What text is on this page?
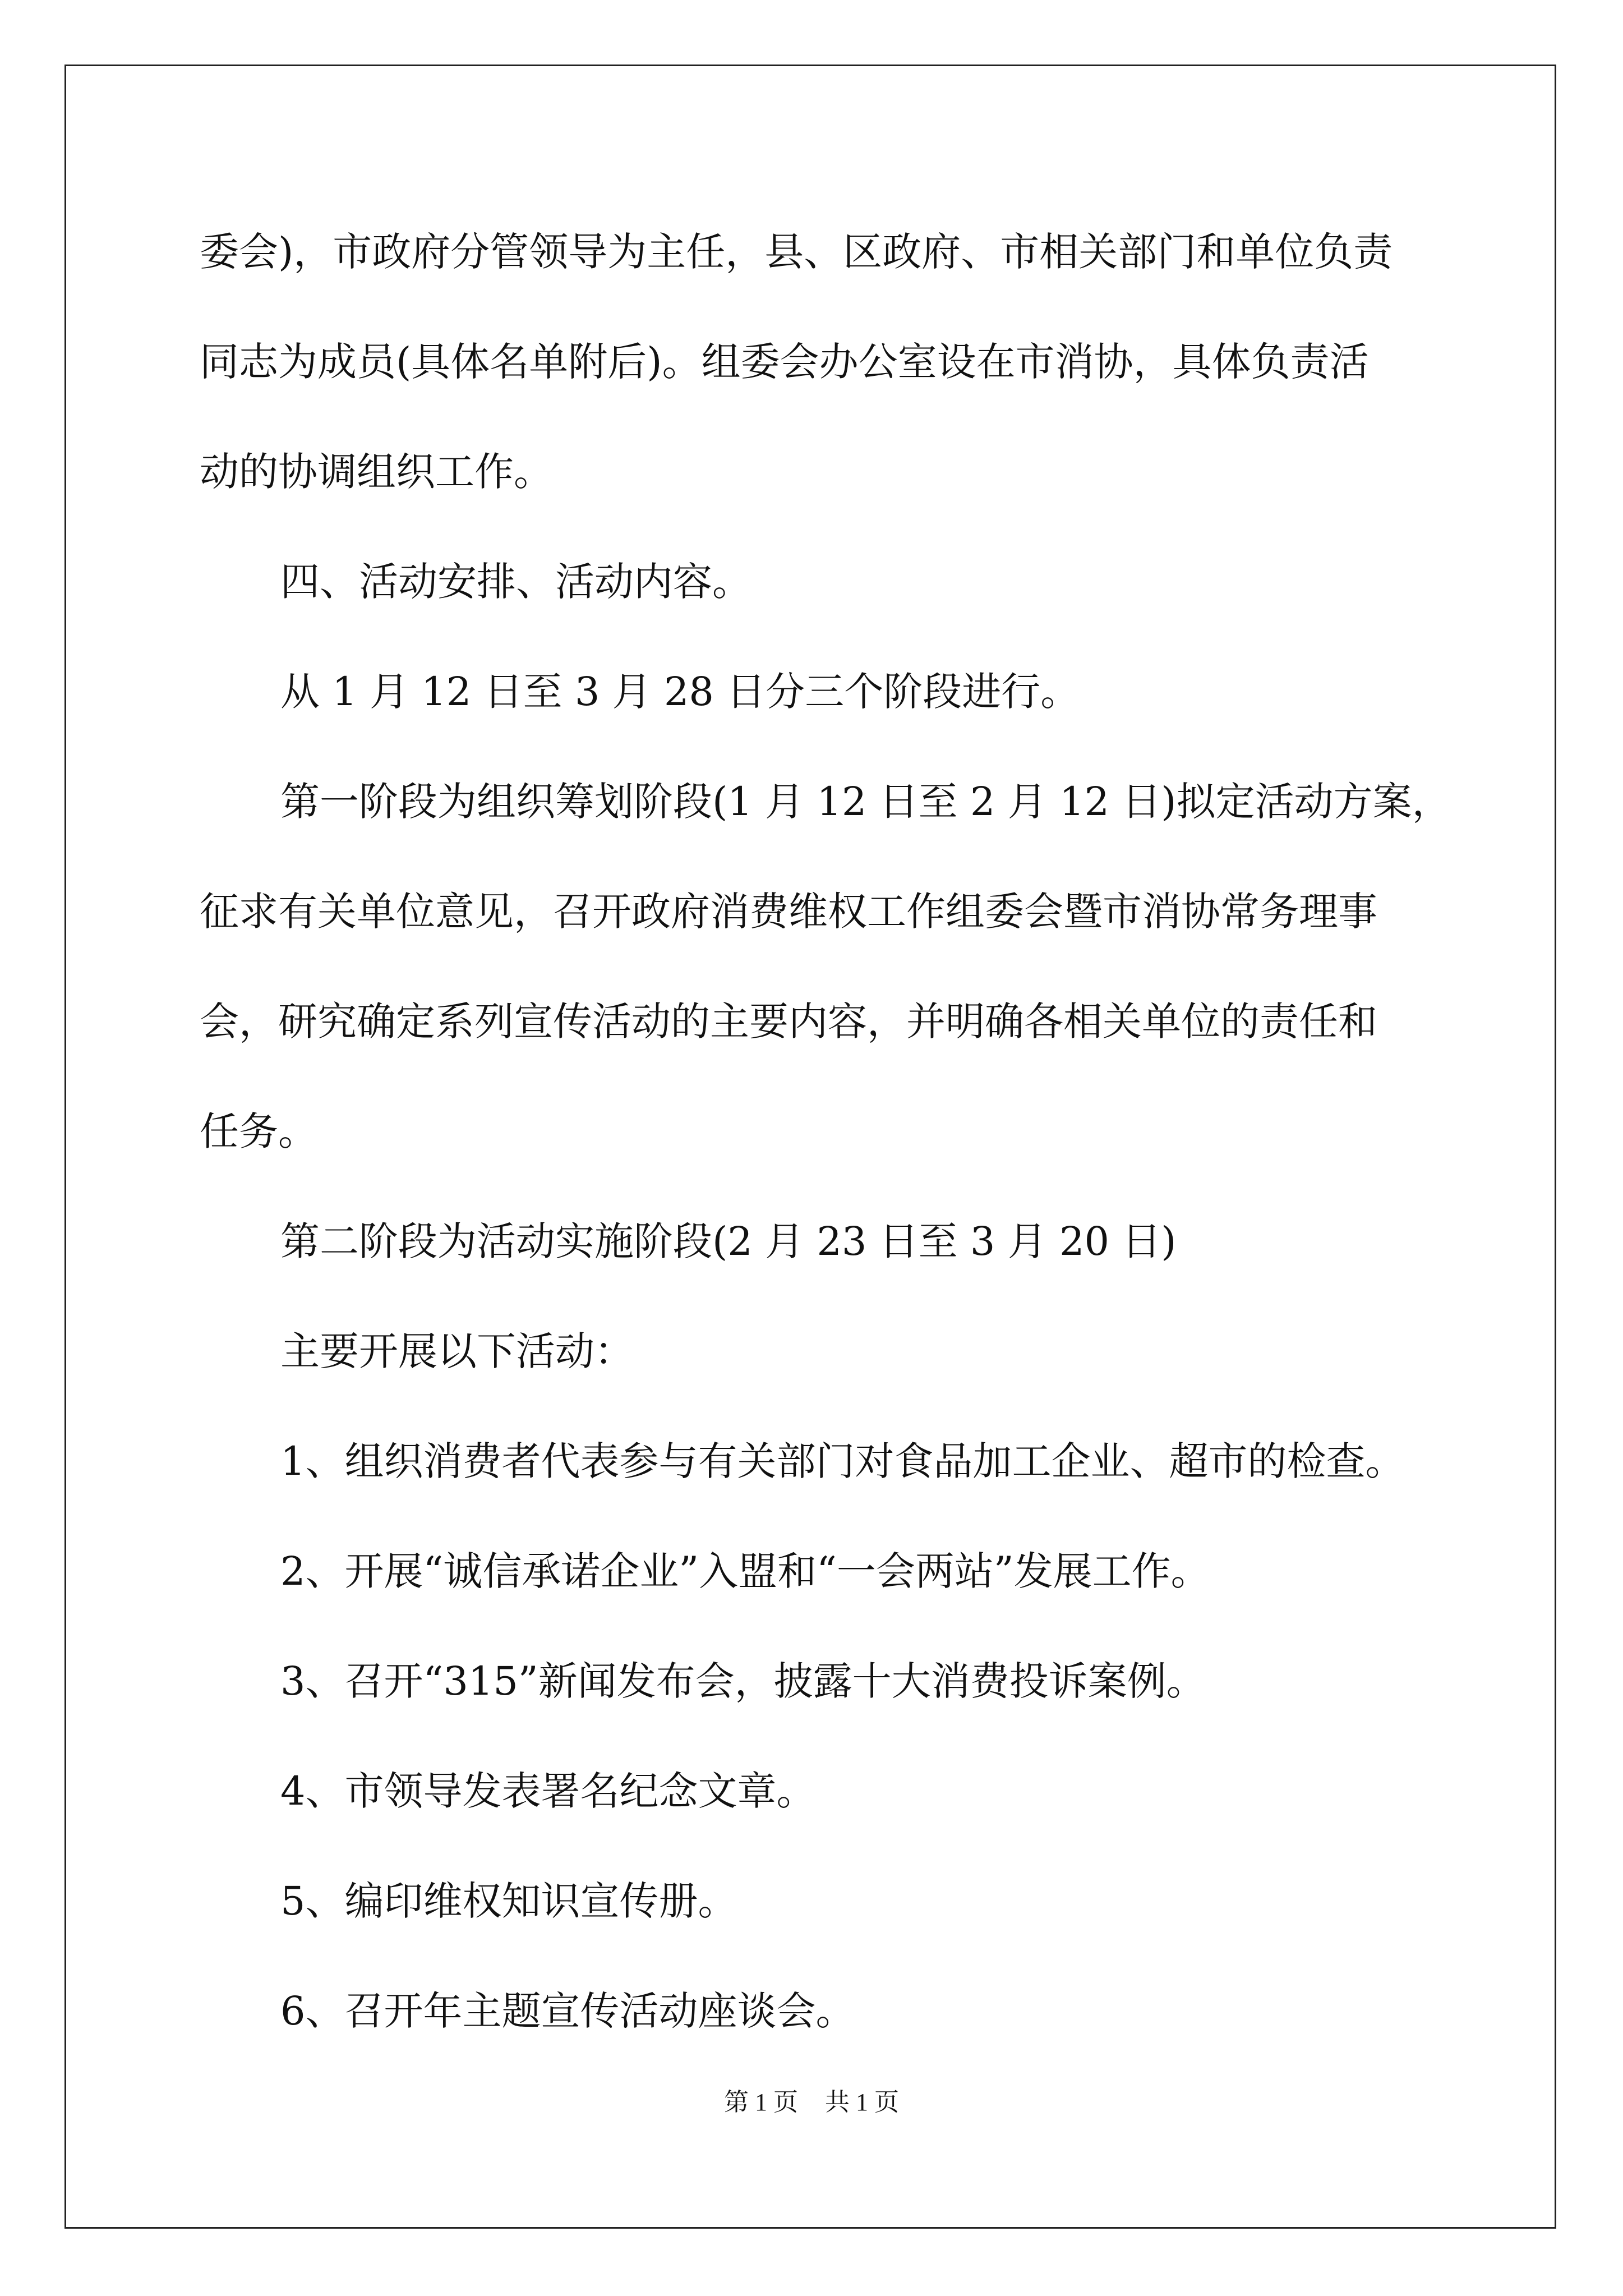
委会)，市政府分管领导为主任，县、区政府、市相关部门和单位负责
同志为成员(具体名单附后)。组委会办公室设在市消协，具体负责活
动的协调组织工作。
四、活动安排、活动内容。
从 1 月 12 日至 3 月 28 日分三个阶段进行。
第一阶段为组织筹划阶段(1 月 12 日至 2 月 12 日)拟定活动方案，
征求有关单位意见，召开政府消费维权工作组委会暨市消协常务理事
会，研究确定系列宣传活动的主要内容，并明确各相关单位的责任和
任务。
第二阶段为活动实施阶段(2 月 23 日至 3 月 20 日)
主要开展以下活动：
1、组织消费者代表参与有关部门对食品加工企业、超市的检查。
2、开展“诚信承诺企业”入盟和“一会两站”发展工作。
3、召开“315”新闻发布会，披露十大消费投诉案例。
4、市领导发表署名纪念文章。
5、编印维权知识宣传册。
6、召开年主题宣传活动座谈会。
第 1 页 共 1 页
